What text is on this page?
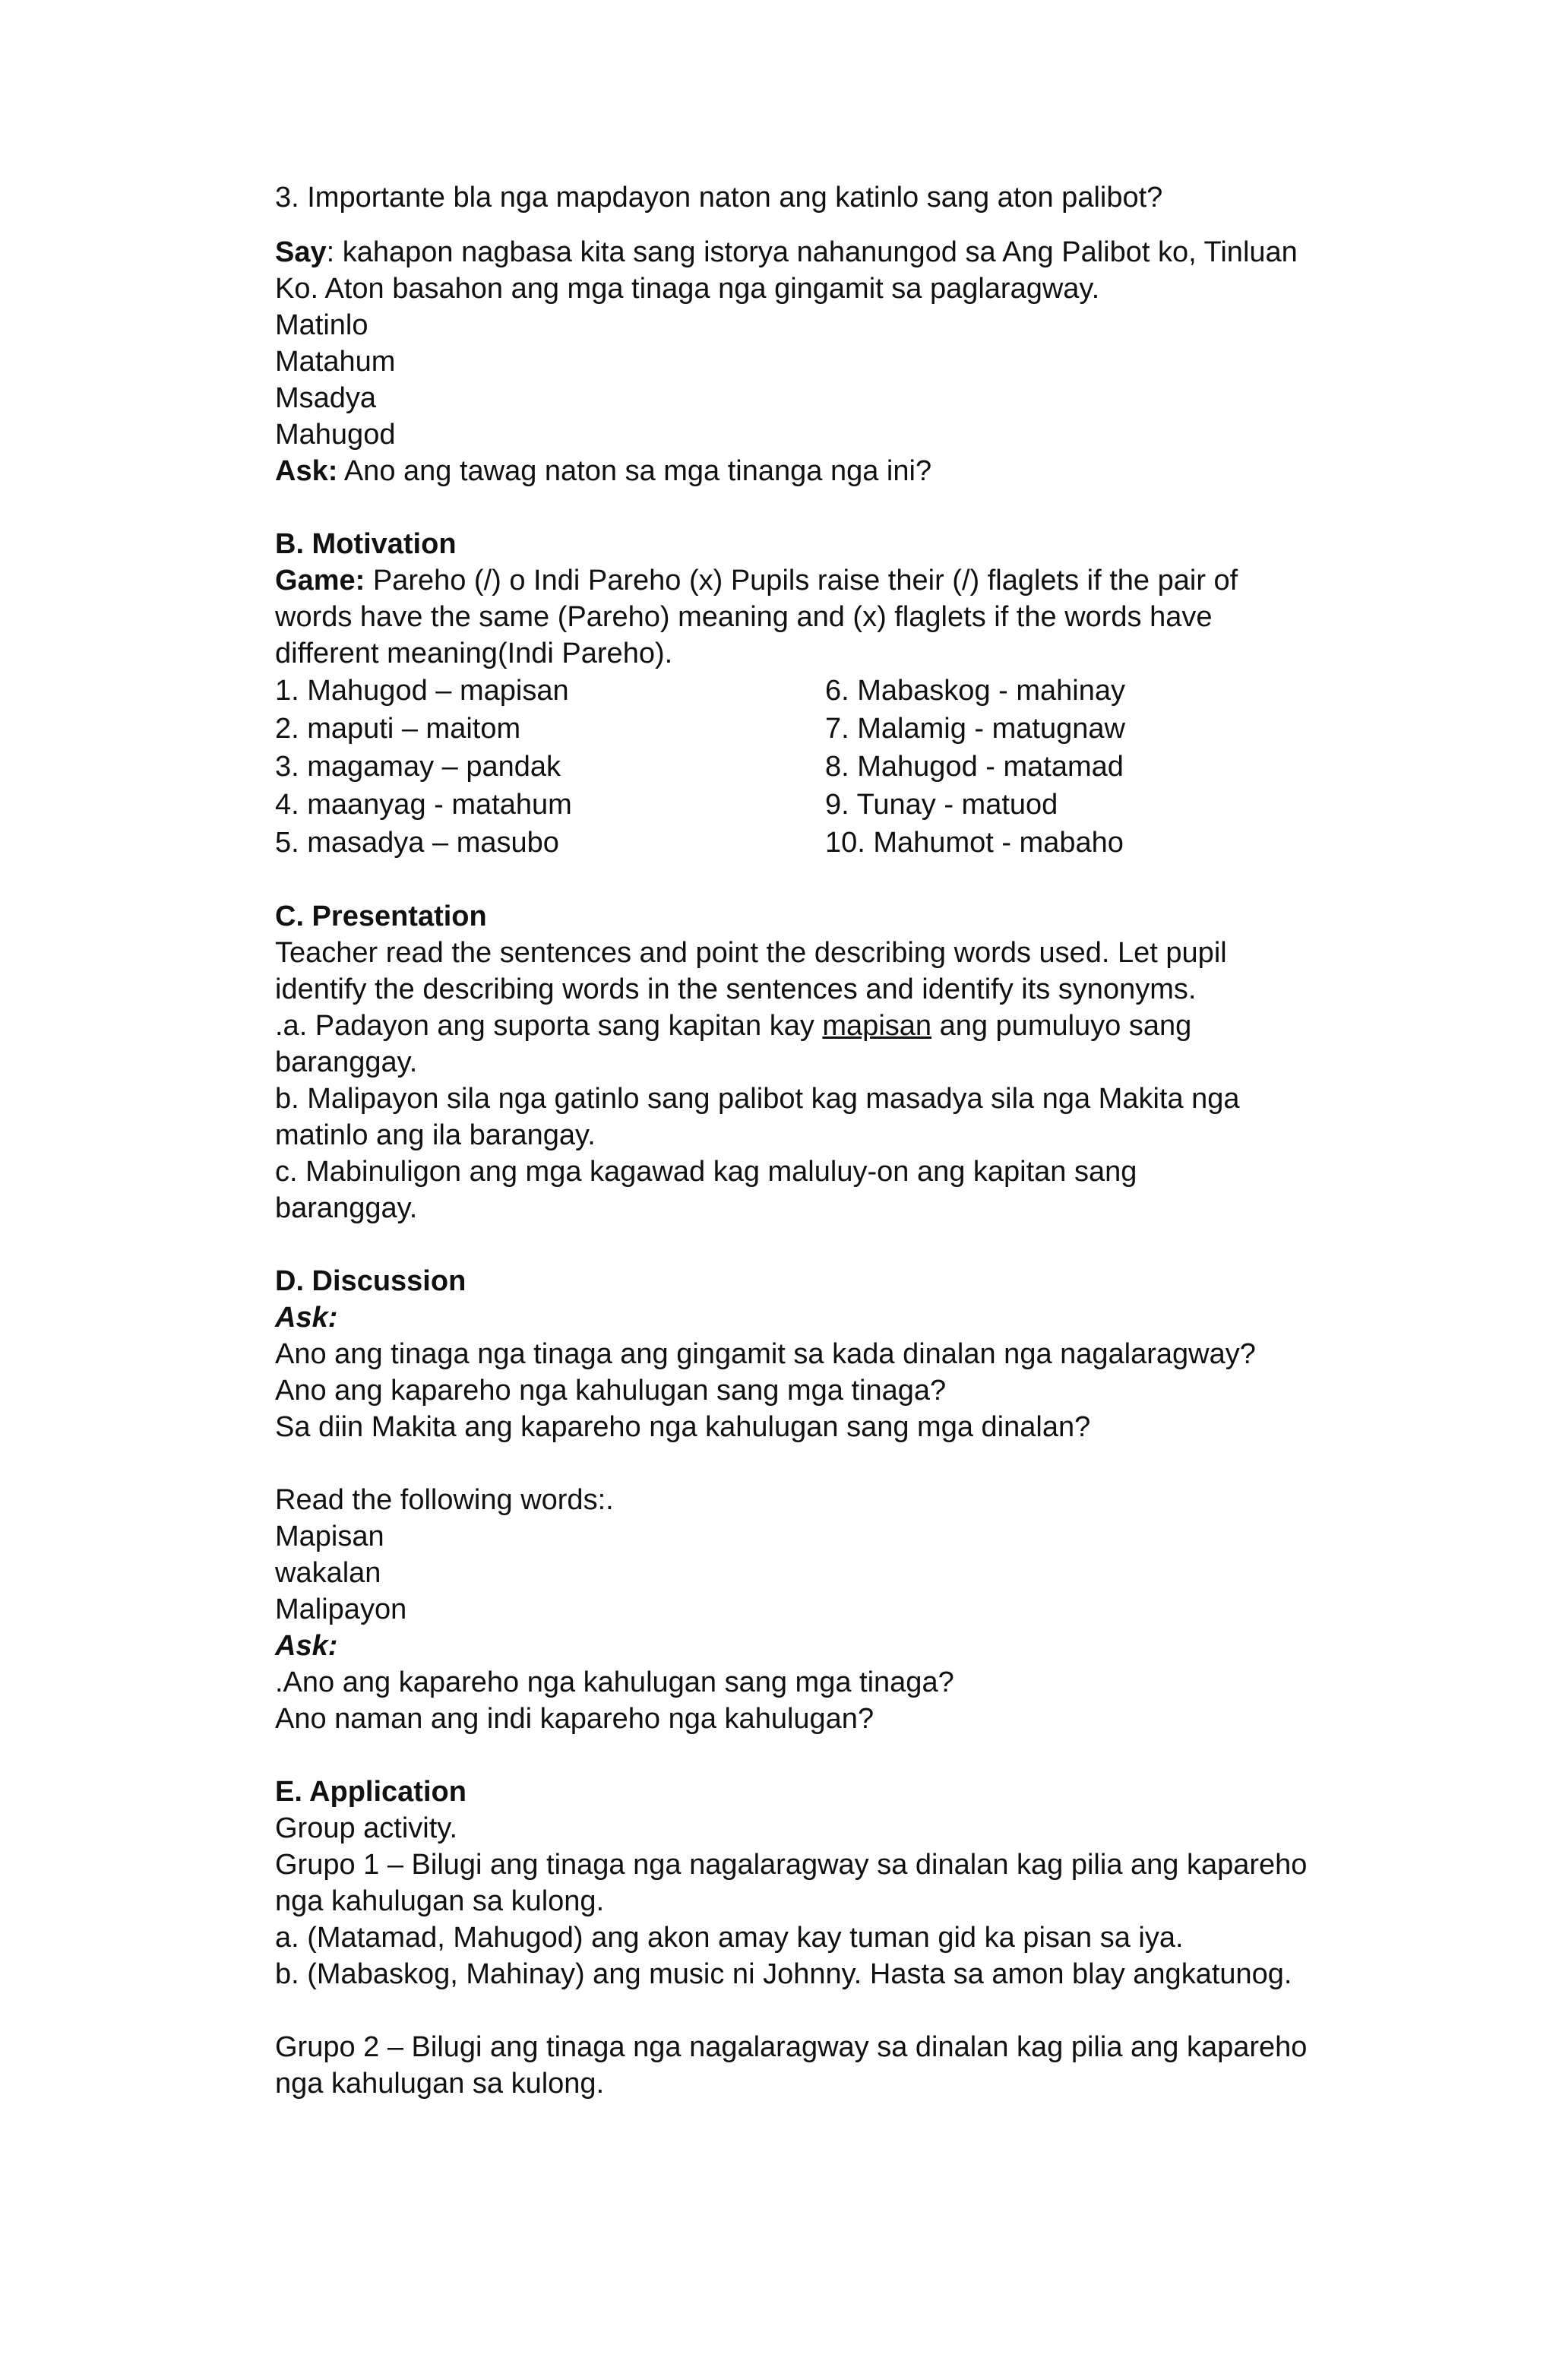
3. Importante bla nga mapdayon naton ang katinlo sang aton palibot?

Say: kahapon nagbasa kita sang istorya nahanungod sa Ang Palibot ko, Tinluan

Ko. Aton basahon ang mga tinaga nga gingamit sa paglaragway.

Matinlo

Matahum

Msadya

Mahugod

Ask: Ano ang tawag naton sa mga tinanga nga ini?

B. Motivation

Game: Pareho (/) o Indi Pareho (x) Pupils raise their (/) flaglets if the pair of

words have the same (Pareho) meaning and (x) flaglets if the words have

different meaning(Indi Pareho).

1. Mahugod – mapisan	6. Mabaskog - mahinay

2. maputi – maitom	7. Malamig - matugnaw

3. magamay – pandak	8. Mahugod - matamad

4. maanyag - matahum	9. Tunay - matuod

5. masadya – masubo	10. Mahumot - mabaho

C. Presentation

Teacher read the sentences and point the describing words used. Let pupil

identify the describing words in the sentences and identify its synonyms.

.a. Padayon ang suporta sang kapitan kay mapisan ang pumuluyo sang

baranggay.

b. Malipayon sila nga gatinlo sang palibot kag masadya sila nga Makita nga

matinlo ang ila barangay.

c. Mabinuligon ang mga kagawad kag maluluy-on ang kapitan sang

baranggay.

D. Discussion

Ask:

Ano ang tinaga nga tinaga ang gingamit sa kada dinalan nga nagalaragway?

Ano ang kapareho nga kahulugan sang mga tinaga?

Sa diin Makita ang kapareho nga kahulugan sang mga dinalan?

Read the following words:.

Mapisan

wakalan

Malipayon

Ask:

.Ano ang kapareho nga kahulugan sang mga tinaga?

Ano naman ang indi kapareho nga kahulugan?

E. Application

Group activity.

Grupo 1 – Bilugi ang tinaga nga nagalaragway sa dinalan kag pilia ang kapareho

nga kahulugan sa kulong.

a. (Matamad, Mahugod) ang akon amay kay tuman gid ka pisan sa iya.

b. (Mabaskog, Mahinay) ang music ni Johnny. Hasta sa amon blay angkatunog.

Grupo 2 – Bilugi ang tinaga nga nagalaragway sa dinalan kag pilia ang kapareho

nga kahulugan sa kulong.
